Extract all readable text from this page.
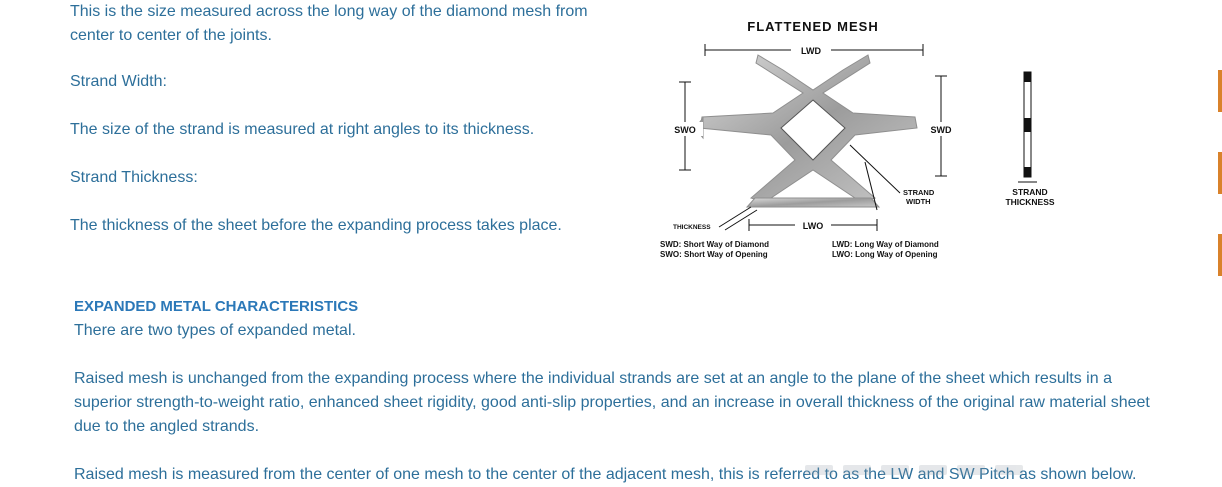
This is the size measured across the long way of the diamond mesh from center to center of the joints.

Strand Width:

The size of the strand is measured at right angles to its thickness.

Strand Thickness:

The thickness of the sheet before the expanding process takes place.

FLATTENED MESH
LWD
SWO	SWD
LWO
STRAND
WIDTH
THICKNESS
STRAND
THICKNESS
SWD: Short Way of Diamond
SWO: Short Way of Opening
LWD: Long Way of Diamond
LWO: Long Way of Opening

EXPANDED METAL CHARACTERISTICS

There are two types of expanded metal.

Raised mesh is unchanged from the expanding process where the individual strands are set at an angle to the plane of the sheet which results in a superior strength-to-weight ratio, enhanced sheet rigidity, good anti-slip properties, and an increase in overall thickness of the original raw material sheet due to the angled strands.

Raised mesh is measured from the center of one mesh to the center of the adjacent mesh, this is referred to as the LW and SW Pitch as shown below.
